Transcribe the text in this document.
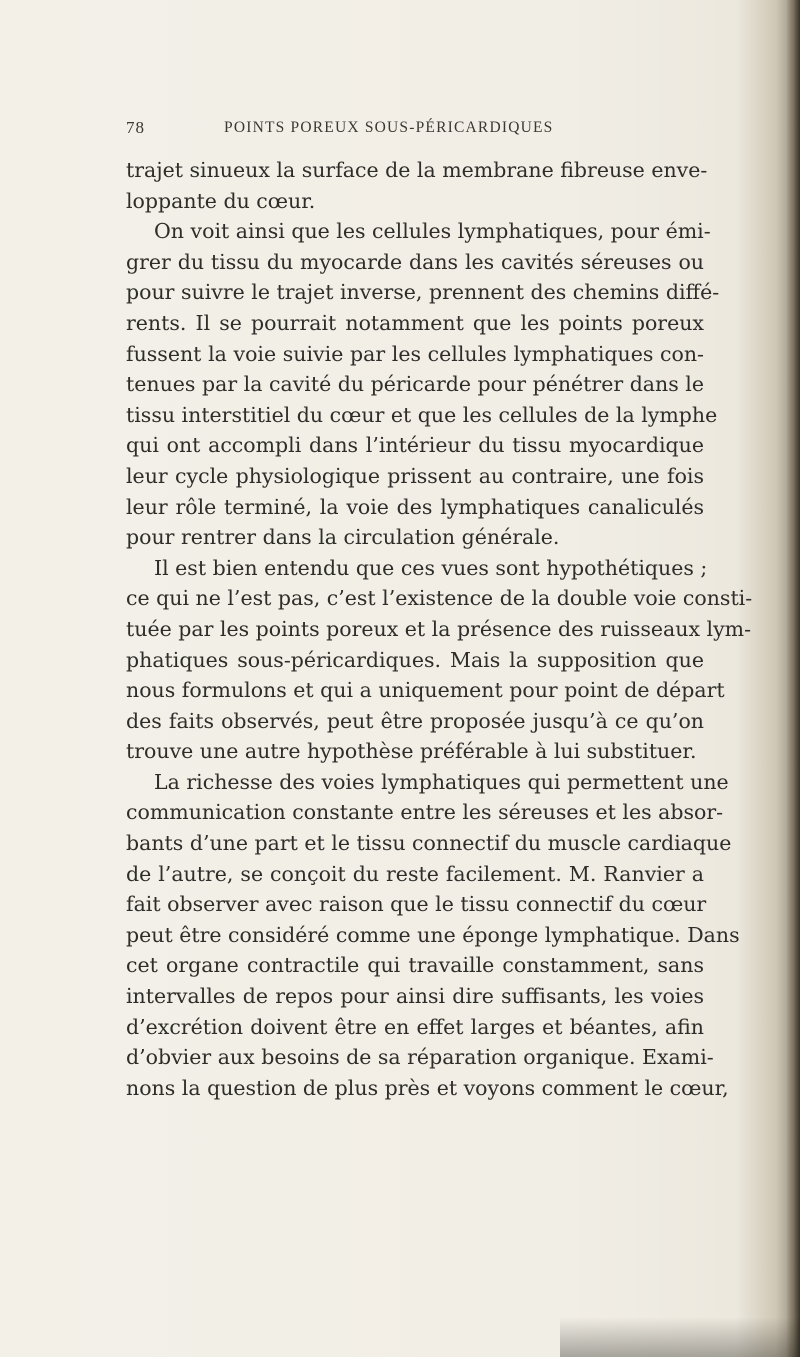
78	POINTS POREUX SOUS-PÉRICARDIQUES
trajet sinueux la surface de la membrane fibreuse enve-
loppante du cœur.
On voit ainsi que les cellules lymphatiques, pour émi-
grer du tissu du myocarde dans les cavités séreuses ou
pour suivre le trajet inverse, prennent des chemins diffé-
rents. Il se pourrait notamment que les points poreux
fussent la voie suivie par les cellules lymphatiques con-
tenues par la cavité du péricarde pour pénétrer dans le
tissu interstitiel du cœur et que les cellules de la lymphe
qui ont accompli dans l’intérieur du tissu myocardique
leur cycle physiologique prissent au contraire, une fois
leur rôle terminé, la voie des lymphatiques canaliculés
pour rentrer dans la circulation générale.
Il est bien entendu que ces vues sont hypothétiques ;
ce qui ne l’est pas, c’est l’existence de la double voie consti-
tuée par les points poreux et la présence des ruisseaux lym-
phatiques sous-péricardiques. Mais la supposition que
nous formulons et qui a uniquement pour point de départ
des faits observés, peut être proposée jusqu’à ce qu’on
trouve une autre hypothèse préférable à lui substituer.
La richesse des voies lymphatiques qui permettent une
communication constante entre les séreuses et les absor-
bants d’une part et le tissu connectif du muscle cardiaque
de l’autre, se conçoit du reste facilement. M. Ranvier a
fait observer avec raison que le tissu connectif du cœur
peut être considéré comme une éponge lymphatique. Dans
cet organe contractile qui travaille constamment, sans
intervalles de repos pour ainsi dire suffisants, les voies
d’excrétion doivent être en effet larges et béantes, afin
d’obvier aux besoins de sa réparation organique. Exami-
nons la question de plus près et voyons comment le cœur,
